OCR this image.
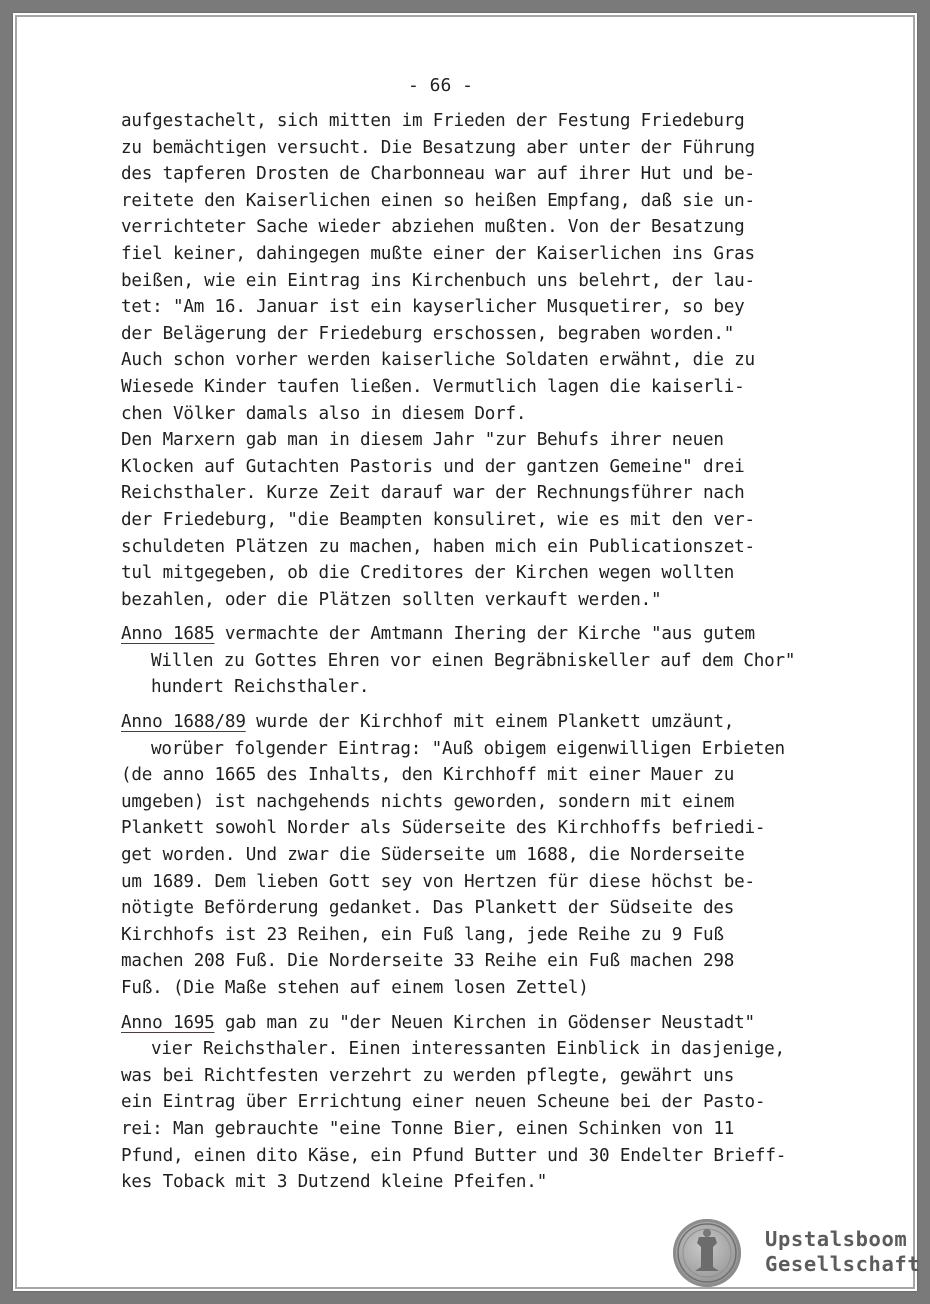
- 66 -
aufgestachelt, sich mitten im Frieden der Festung Friedeburg
zu bemächtigen versucht. Die Besatzung aber unter der Führung
des tapferen Drosten de Charbonneau war auf ihrer Hut und be-
reitete den Kaiserlichen einen so heißen Empfang, daß sie un-
verrichteter Sache wieder abziehen mußten. Von der Besatzung
fiel keiner, dahingegen mußte einer der Kaiserlichen ins Gras
beißen, wie ein Eintrag ins Kirchenbuch uns belehrt, der lau-
tet: "Am 16. Januar ist ein kayserlicher Musquetirer, so bey
der Belägerung der Friedeburg erschossen, begraben worden."
Auch schon vorher werden kaiserliche Soldaten erwähnt, die zu
Wiesede Kinder taufen ließen. Vermutlich lagen die kaiserli-
chen Völker damals also in diesem Dorf.
Den Marxern gab man in diesem Jahr "zur Behufs ihrer neuen
Klocken auf Gutachten Pastoris und der gantzen Gemeine" drei
Reichsthaler. Kurze Zeit darauf war der Rechnungsführer nach
der Friedeburg, "die Beampten konsuliret, wie es mit den ver-
schuldeten Plätzen zu machen, haben mich ein Publicationszet-
tul mitgegeben, ob die Creditores der Kirchen wegen wollten
bezahlen, oder die Plätzen sollten verkauft werden."
Anno 1685 vermachte der Amtmann Ihering der Kirche "aus gutem
Willen zu Gottes Ehren vor einen Begräbniskeller auf dem Chor"
hundert Reichsthaler.
Anno 1688/89 wurde der Kirchhof mit einem Plankett umzäunt,
worüber folgender Eintrag: "Auß obigem eigenwilligen Erbieten
(de anno 1665 des Inhalts, den Kirchhoff mit einer Mauer zu
umgeben) ist nachgehends nichts geworden, sondern mit einem
Plankett sowohl Norder als Süderseite des Kirchhoffs befriedi-
get worden. Und zwar die Süderseite um 1688, die Norderseite
um 1689. Dem lieben Gott sey von Hertzen für diese höchst be-
nötigte Beförderung gedanket. Das Plankett der Südseite des
Kirchhofs ist 23 Reihen, ein Fuß lang, jede Reihe zu 9 Fuß
machen 208 Fuß. Die Norderseite 33 Reihe ein Fuß machen 298
Fuß. (Die Maße stehen auf einem losen Zettel)
Anno 1695 gab man zu "der Neuen Kirchen in Gödenser Neustadt"
vier Reichsthaler. Einen interessanten Einblick in dasjenige,
was bei Richtfesten verzehrt zu werden pflegte, gewährt uns
ein Eintrag über Errichtung einer neuen Scheune bei der Pasto-
rei: Man gebrauchte "eine Tonne Bier, einen Schinken von 11
Pfund, einen dito Käse, ein Pfund Butter und 30 Endelter Brieff-
kes Toback mit 3 Dutzend kleine Pfeifen."
Upstalsboom
Gesellschaft
